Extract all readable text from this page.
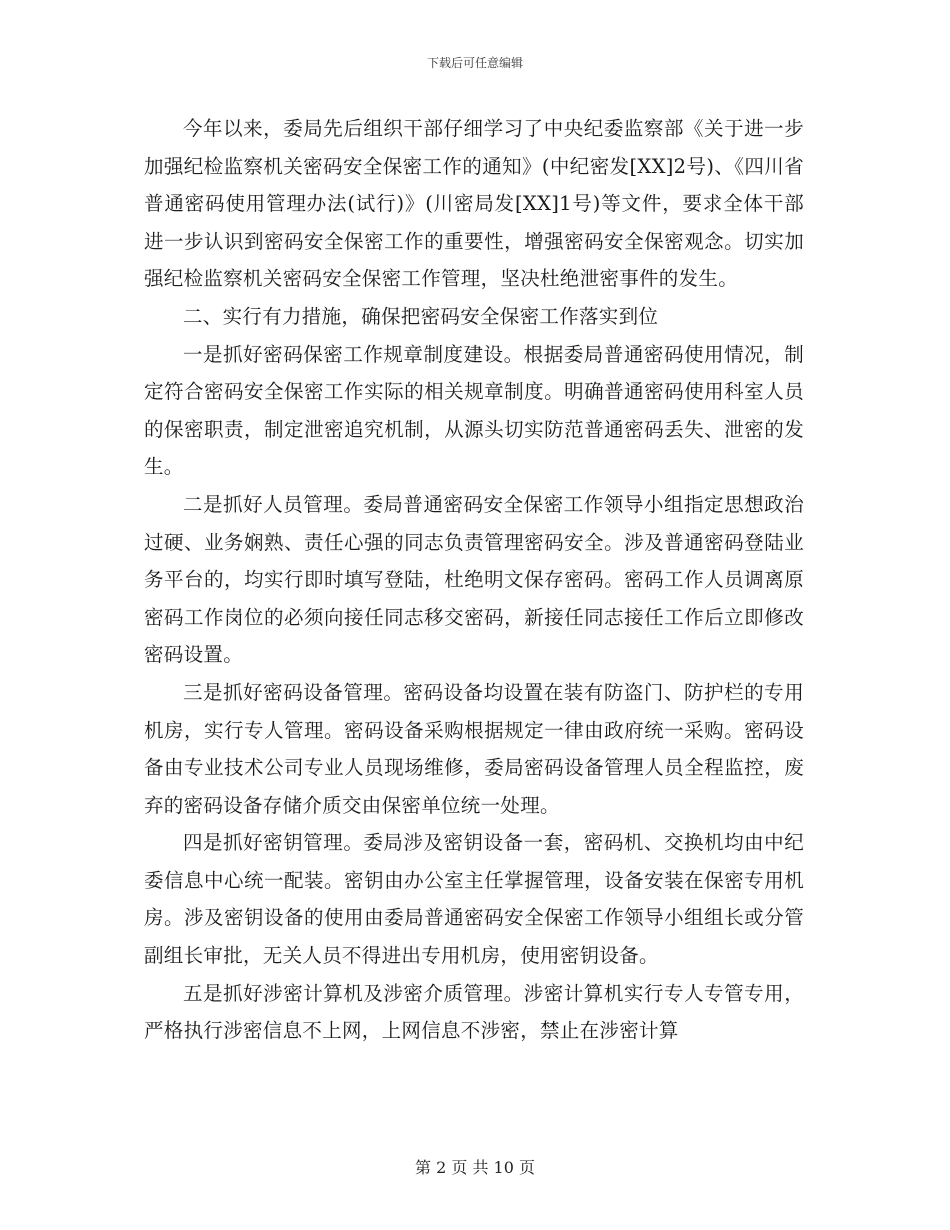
下载后可任意编辑

今年以来，委局先后组织干部仔细学习了中央纪委监察部《关于进一步加强纪检监察机关密码安全保密工作的通知》(中纪密发[XX]2号)、《四川省普通密码使用管理办法(试行)》(川密局发[XX]1号)等文件，要求全体干部进一步认识到密码安全保密工作的重要性，增强密码安全保密观念。切实加强纪检监察机关密码安全保密工作管理，坚决杜绝泄密事件的发生。

二、实行有力措施，确保把密码安全保密工作落实到位

一是抓好密码保密工作规章制度建设。根据委局普通密码使用情况，制定符合密码安全保密工作实际的相关规章制度。明确普通密码使用科室人员的保密职责，制定泄密追究机制，从源头切实防范普通密码丢失、泄密的发生。

二是抓好人员管理。委局普通密码安全保密工作领导小组指定思想政治过硬、业务娴熟、责任心强的同志负责管理密码安全。涉及普通密码登陆业务平台的，均实行即时填写登陆，杜绝明文保存密码。密码工作人员调离原密码工作岗位的必须向接任同志移交密码，新接任同志接任工作后立即修改密码设置。

三是抓好密码设备管理。密码设备均设置在装有防盗门、防护栏的专用机房，实行专人管理。密码设备采购根据规定一律由政府统一采购。密码设备由专业技术公司专业人员现场维修，委局密码设备管理人员全程监控，废弃的密码设备存储介质交由保密单位统一处理。

四是抓好密钥管理。委局涉及密钥设备一套，密码机、交换机均由中纪委信息中心统一配装。密钥由办公室主任掌握管理，设备安装在保密专用机房。涉及密钥设备的使用由委局普通密码安全保密工作领导小组组长或分管副组长审批，无关人员不得进出专用机房，使用密钥设备。

五是抓好涉密计算机及涉密介质管理。涉密计算机实行专人专管专用，严格执行涉密信息不上网，上网信息不涉密，禁止在涉密计算

第 2 页 共 10 页
